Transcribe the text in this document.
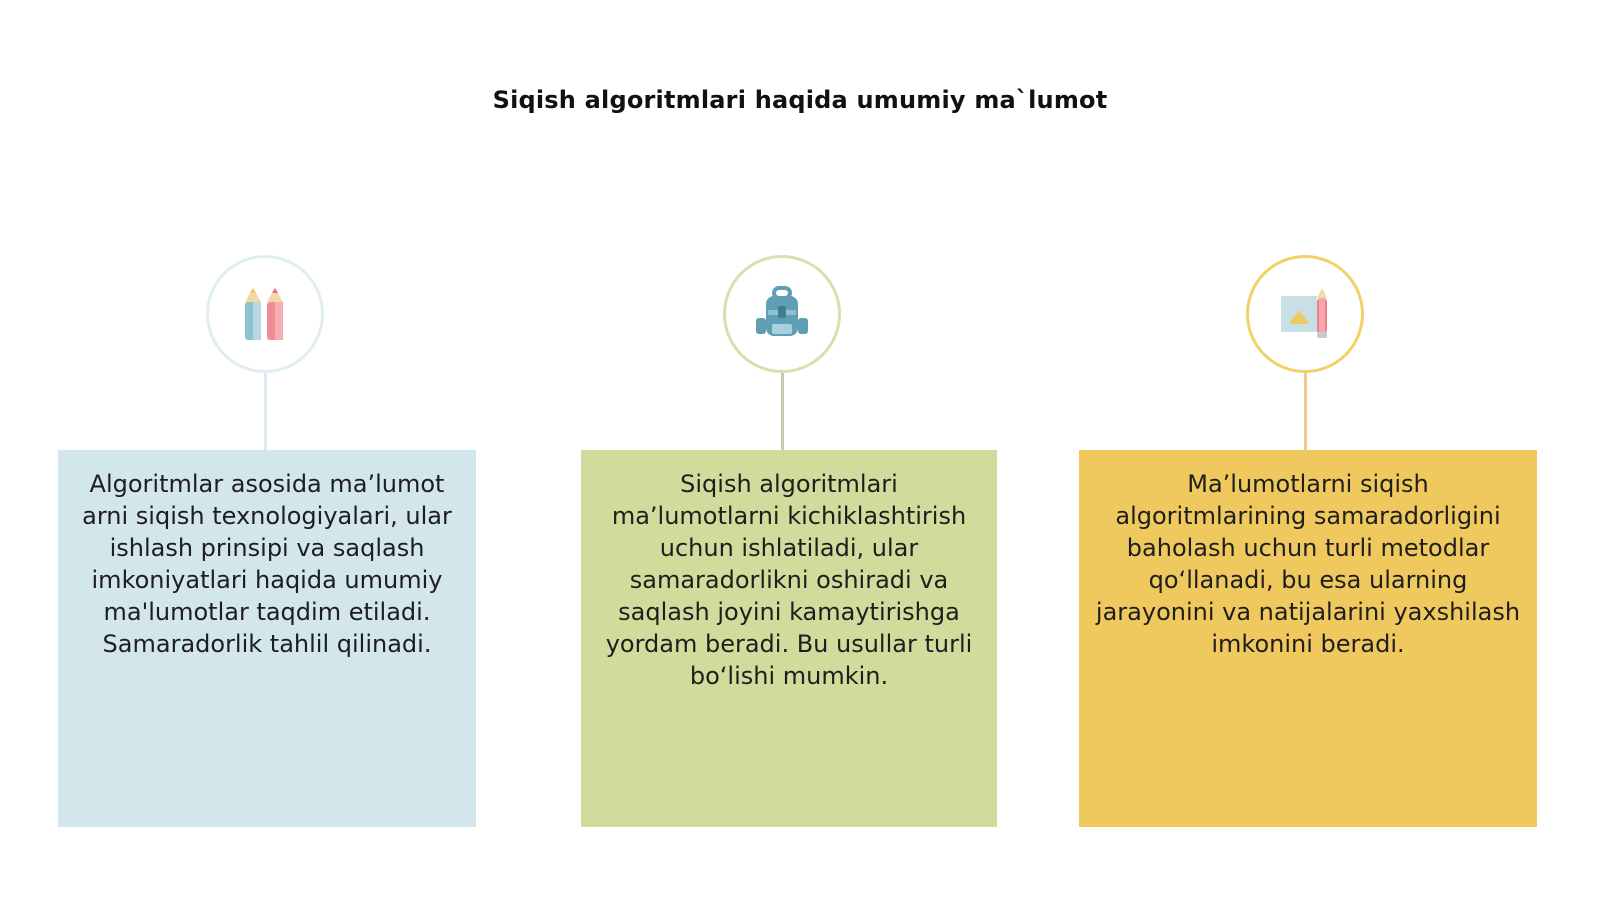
Siqish algoritmlari haqida umumiy ma`lumot
Algoritmlar asosida ma’lumot arni siqish texnologiyalari, ular ishlash prinsipi va saqlash imkoniyatlari haqida umumiy ma'lumotlar taqdim etiladi. Samaradorlik tahlil qilinadi.
Siqish algoritmlari ma’lumotlarni kichiklashtirish uchun ishlatiladi, ular samaradorlikni oshiradi va saqlash joyini kamaytirishga yordam beradi. Bu usullar turli bo‘lishi mumkin.
Ma’lumotlarni siqish algoritmlarining samaradorligini baholash uchun turli metodlar qo‘llanadi, bu esa ularning jarayonini va natijalarini yaxshilash imkonini beradi.
